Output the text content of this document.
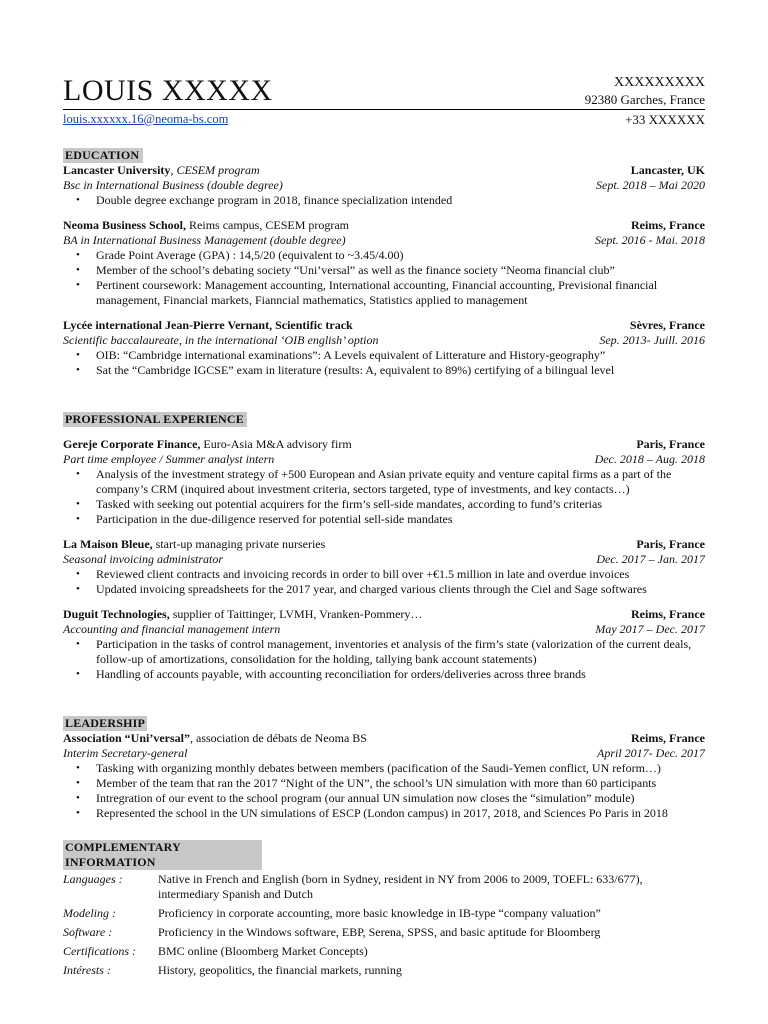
LOUIS XXXXX	XXXXXXXXX
92380 Garches, France
louis.xxxxxx.16@neoma-bs.com	+33 XXXXXX
EDUCATION
Lancaster University, CESEM program	Lancaster, UK
Bsc in International Business (double degree)	Sept. 2018 – Mai 2020
• Double degree exchange program in 2018, finance specialization intended
Neoma Business School, Reims campus, CESEM program	Reims, France
BA in International Business Management (double degree)	Sept. 2016 - Mai. 2018
• Grade Point Average (GPA) : 14,5/20 (equivalent to ~3.45/4.00)
• Member of the school’s debating society “Uni’versal” as well as the finance society “Neoma financial club”
• Pertinent coursework: Management accounting, International accounting, Financial accounting, Previsional financial management, Financial markets, Fianncial mathematics, Statistics applied to management
Lycée international Jean-Pierre Vernant, Scientific track	Sèvres, France
Scientific baccalaureate, in the international ‘OIB english’ option	Sep. 2013- Juill. 2016
• OIB: “Cambridge international examinations”: A Levels equivalent of Litterature and History-geography”
• Sat the “Cambridge IGCSE” exam in literature (results: A, equivalent to 89%) certifying of a bilingual level
PROFESSIONAL EXPERIENCE
Gereje Corporate Finance, Euro-Asia M&A advisory firm	Paris, France
Part time employee / Summer analyst intern	Dec. 2018 – Aug. 2018
• Analysis of the investment strategy of +500 European and Asian private equity and venture capital firms as a part of the company’s CRM (inquired about investment criteria, sectors targeted, type of investments, and key contacts…)
• Tasked with seeking out potential acquirers for the firm’s sell-side mandates, according to fund’s criterias
• Participation in the due-diligence reserved for potential sell-side mandates
La Maison Bleue, start-up managing private nurseries	Paris, France
Seasonal invoicing administrator	Dec. 2017 – Jan. 2017
• Reviewed client contracts and invoicing records in order to bill over +€1.5 million in late and overdue invoices
• Updated invoicing spreadsheets for the 2017 year, and charged various clients through the Ciel and Sage softwares
Duguit Technologies, supplier of Taittinger, LVMH, Vranken-Pommery…	Reims, France
Accounting and financial management intern	May 2017 – Dec. 2017
• Participation in the tasks of control management, inventories et analysis of the firm’s state (valorization of the current deals, follow-up of amortizations, consolidation for the holding, tallying bank account statements)
• Handling of accounts payable, with accounting reconciliation for orders/deliveries across three brands
LEADERSHIP
Association “Uni’versal”, association de débats de Neoma BS	Reims, France
Interim Secretary-general	April 2017- Dec. 2017
• Tasking with organizing monthly debates between members (pacification of the Saudi-Yemen conflict, UN reform…)
• Member of the team that ran the 2017 “Night of the UN”, the school’s UN simulation with more than 60 participants
• Intregration of our event to the school program (our annual UN simulation now closes the “simulation” module)
• Represented the school in the UN simulations of ESCP (London campus) in 2017, 2018, and Sciences Po Paris in 2018
COMPLEMENTARY INFORMATION
Languages :	Native in French and English (born in Sydney, resident in NY from 2006 to 2009, TOEFL: 633/677), intermediary Spanish and Dutch
Modeling :	Proficiency in corporate accounting, more basic knowledge in IB-type “company valuation”
Software :	Proficiency in the Windows software, EBP, Serena, SPSS, and basic aptitude for Bloomberg
Certifications :	BMC online (Bloomberg Market Concepts)
Intérests :	History, geopolitics, the financial markets, running
